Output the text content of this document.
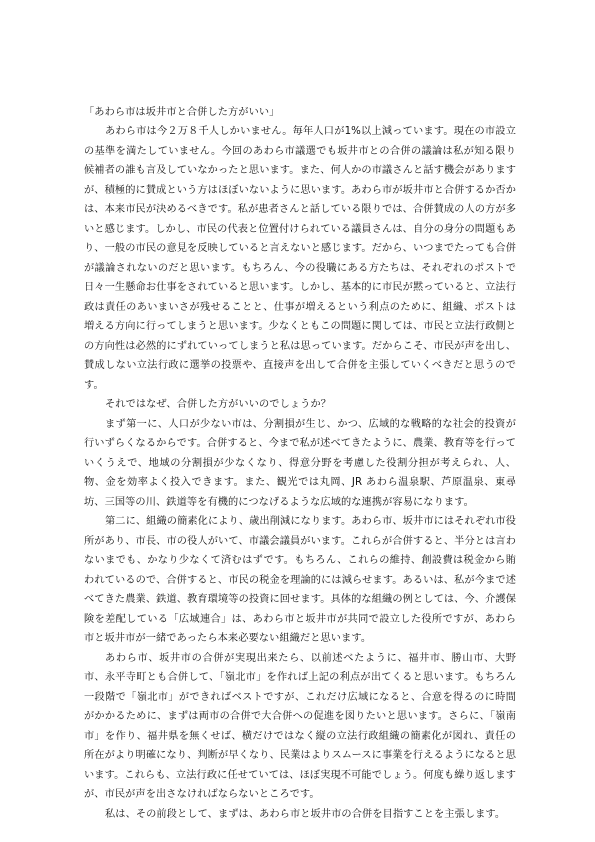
「あわら市は坂井市と合併した方がいい」

あわら市は今２万８千人しかいません。毎年人口が1%以上減っています。現在の市設立の基準を満たしていません。今回のあわら市議選でも坂井市との合併の議論は私が知る限り候補者の誰も言及していなかったと思います。また、何人かの市議さんと話す機会がありますが、積極的に賛成という方はほぼいないように思います。あわら市が坂井市と合併するか否かは、本来市民が決めるべきです。私が患者さんと話している限りでは、合併賛成の人の方が多いと感じます。しかし、市民の代表と位置付けられている議員さんは、自分の身分の問題もあり、一般の市民の意見を反映していると言えないと感じます。だから、いつまでたっても合併が議論されないのだと思います。もちろん、今の役職にある方たちは、それぞれのポストで日々一生懸命お仕事をされていると思います。しかし、基本的に市民が黙っていると、立法行政は責任のあいまいさが残せることと、仕事が増えるという利点のために、組織、ポストは増える方向に行ってしまうと思います。少なくともこの問題に関しては、市民と立法行政側との方向性は必然的にずれていってしまうと私は思っています。だからこそ、市民が声を出し、賛成しない立法行政に選挙の投票や、直接声を出して合併を主張していくべきだと思うのです。

それではなぜ、合併した方がいいのでしょうか？

まず第一に、人口が少ない市は、分割損が生じ、かつ、広域的な戦略的な社会的投資が行いずらくなるからです。合併すると、今まで私が述べてきたように、農業、教育等を行っていくうえで、地域の分割損が少なくなり、得意分野を考慮した役割分担が考えられ、人、物、金を効率よく投入できます。また、観光では丸岡、JR あわら温泉駅、芦原温泉、東尋坊、三国等の川、鉄道等を有機的につなげるような広域的な連携が容易になります。

第二に、組織の簡素化により、歳出削減になります。あわら市、坂井市にはそれぞれ市役所があり、市長、市の役人がいて、市議会議員がいます。これらが合併すると、半分とは言わないまでも、かなり少なくて済むはずです。もちろん、これらの維持、創設費は税金から賄われているので、合併すると、市民の税金を理論的には減らせます。あるいは、私が今まで述べてきた農業、鉄道、教育環境等の投資に回せます。具体的な組織の例としては、今、介護保険を差配している「広域連合」は、あわら市と坂井市が共同で設立した役所ですが、あわら市と坂井市が一緒であったら本来必要ない組織だと思います。

あわら市、坂井市の合併が実現出来たら、以前述べたように、福井市、勝山市、大野市、永平寺町とも合併して、「嶺北市」を作れば上記の利点が出てくると思います。もちろん一段階で「嶺北市」ができればベストですが、これだけ広域になると、合意を得るのに時間がかかるために、まずは両市の合併で大合併への促進を図りたいと思います。さらに、「嶺南市」を作り、福井県を無くせば、横だけではなく縦の立法行政組織の簡素化が図れ、責任の所在がより明確になり、判断が早くなり、民業はよりスムースに事業を行えるようになると思います。これらも、立法行政に任せていては、ほぼ実現不可能でしょう。何度も繰り返しますが、市民が声を出さなければならないところです。

私は、その前段として、まずは、あわら市と坂井市の合併を目指すことを主張します。
